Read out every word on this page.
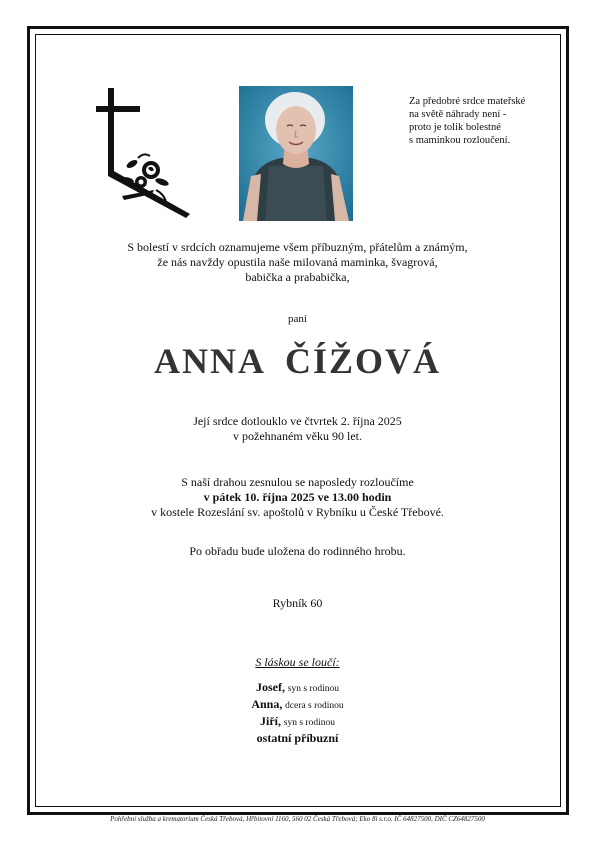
Za předobré srdce mateřské
na světě náhrady není -
proto je tolik bolestné
s maminkou rozloučení.
S bolestí v srdcích oznamujeme všem příbuzným, přátelům a známým,
že nás navždy opustila naše milovaná maminka, švagrová,
babička a prababička,
paní
ANNA ČÍŽOVÁ
Její srdce dotlouklo ve čtvrtek 2. října 2025
v požehnaném věku 90 let.
S naší drahou zesnulou se naposledy rozloučíme
v pátek 10. října 2025 ve 13.00 hodin
v kostele Rozeslání sv. apoštolů v Rybníku u České Třebové.
Po obřadu bude uložena do rodinného hrobu.
Rybník 60
S láskou se loučí:
Josef, syn s rodinou
Anna, dcera s rodinou
Jiří, syn s rodinou
ostatní příbuzní
Pohřební služba a krematorium Česká Třebová, Hřbitovní 1160, 560 02 Česká Třebová; Eko 8i s.r.o. IČ 64827500, DIČ CZ64827500
